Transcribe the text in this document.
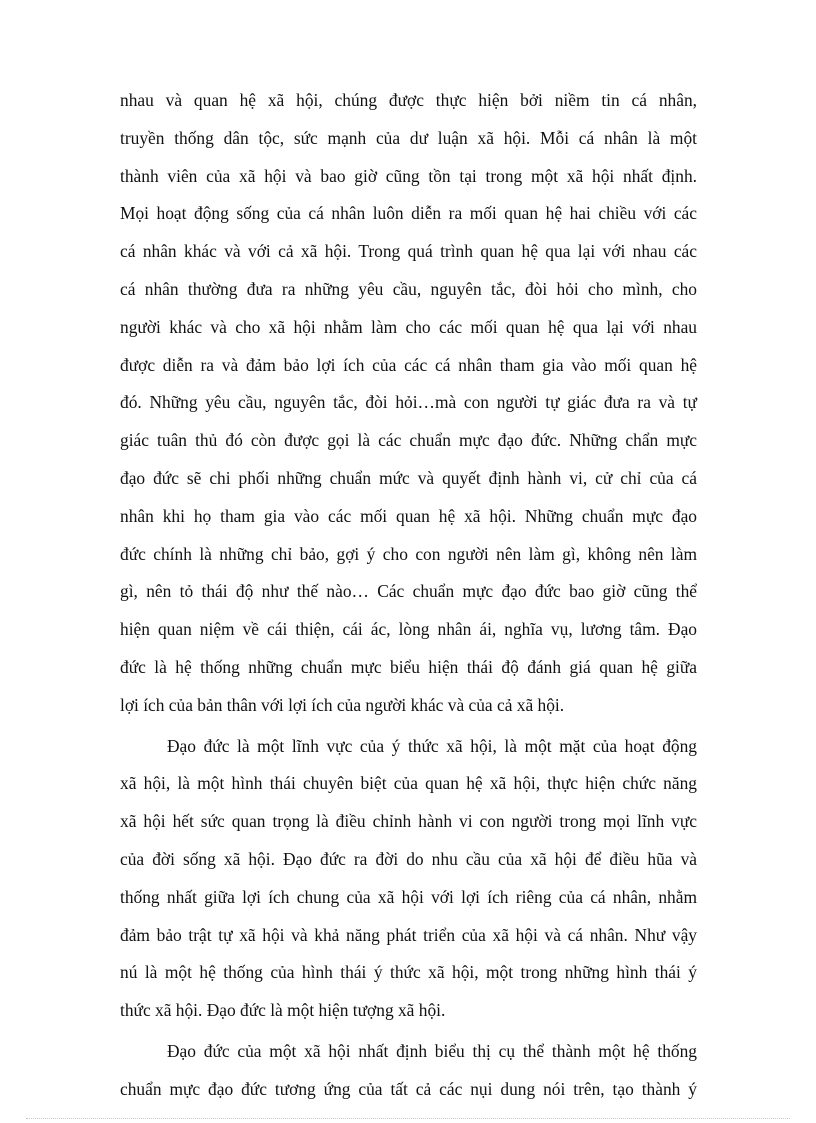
nhau và quan hệ xã hội, chúng được thực hiện bởi niềm tin cá nhân,
truyền thống dân tộc, sức mạnh của dư luận xã hội. Mỗi cá nhân là một
thành viên của xã hội và bao giờ cũng tồn tại trong một xã hội nhất định.
Mọi hoạt động sống của cá nhân luôn diễn ra mối quan hệ hai chiều với các
cá nhân khác và với cả xã hội. Trong quá trình quan hệ qua lại với nhau các
cá nhân thường đưa ra những yêu cầu, nguyên tắc, đòi hỏi cho mình, cho
người khác và cho xã hội nhằm làm cho các mối quan hệ qua lại với nhau
được diễn ra và đảm bảo lợi ích của các cá nhân tham gia vào mối quan hệ
đó. Những yêu cầu, nguyên tắc, đòi hỏi…mà con người tự giác đưa ra và tự
giác tuân thủ đó còn được gọi là các chuẩn mực đạo đức. Những chẩn mực
đạo đức sẽ chi phối những chuẩn mức và quyết định hành vi, cử chỉ của cá
nhân khi họ tham gia vào các mối quan hệ xã hội. Những chuẩn mực đạo
đức chính là những chỉ bảo, gợi ý cho con người nên làm gì, không nên làm
gì, nên tỏ thái độ như thế nào… Các chuẩn mực đạo đức bao giờ cũng thể
hiện quan niệm về cái thiện, cái ác, lòng nhân ái, nghĩa vụ, lương tâm. Đạo
đức là hệ thống những chuẩn mực biểu hiện thái độ đánh giá quan hệ giữa
lợi ích của bản thân với lợi ích của người khác và của cả xã hội.
Đạo đức là một lĩnh vực của ý thức xã hội, là một mặt của hoạt động
xã hội, là một hình thái chuyên biệt của quan hệ xã hội, thực hiện chức năng
xã hội hết sức quan trọng là điều chỉnh hành vi con người trong mọi lĩnh vực
của đời sống xã hội. Đạo đức ra đời do nhu cầu của xã hội để điều hũa và
thống nhất giữa lợi ích chung của xã hội với lợi ích riêng của cá nhân, nhằm
đảm bảo trật tự xã hội và khả năng phát triển của xã hội và cá nhân. Như vậy
nú là một hệ thống của hình thái ý thức xã hội, một trong những hình thái ý
thức xã hội. Đạo đức là một hiện tượng xã hội.
Đạo đức của một xã hội nhất định biểu thị cụ thể thành một hệ thống
chuẩn mực đạo đức tương ứng của tất cả các nụi dung nói trên, tạo thành ý
